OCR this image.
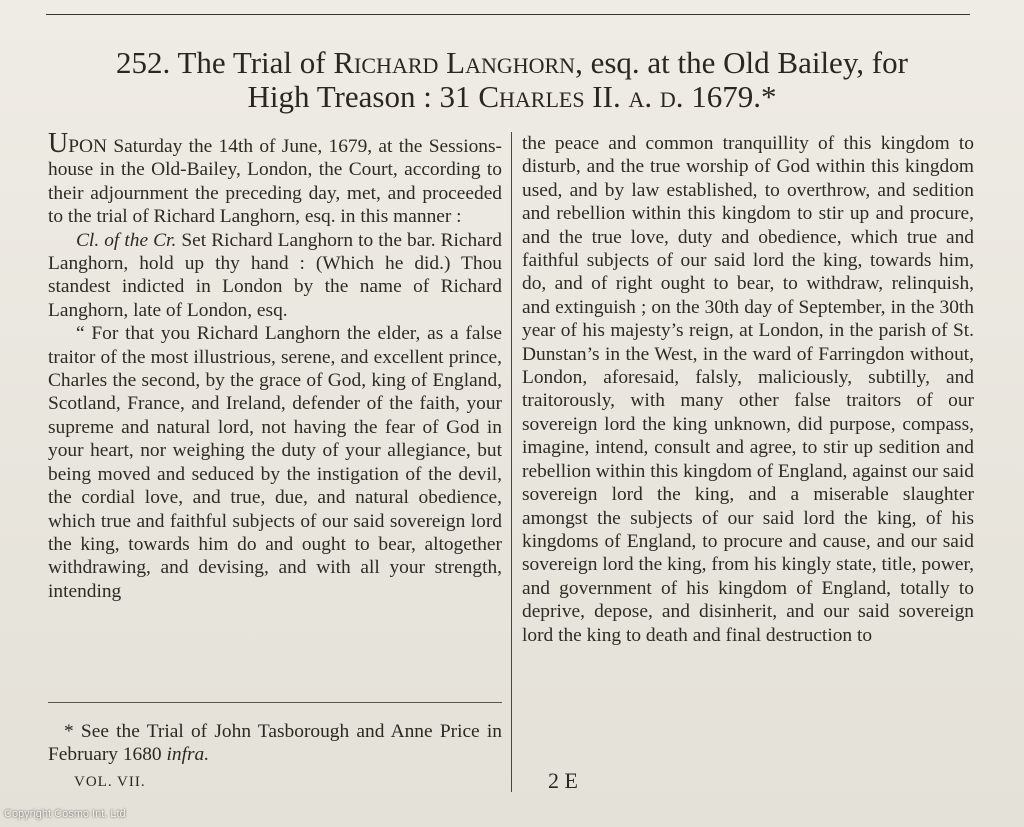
252. The Trial of Richard Langhorn, esq. at the Old Bailey, for
High Treason : 31 Charles II. a. d. 1679.*

UPON Saturday the 14th of June, 1679, at the Sessions-house in the Old-Bailey, London, the Court, according to their adjournment the preceding day, met, and proceeded to the trial of Richard Langhorn, esq. in this manner :

Cl. of the Cr. Set Richard Langhorn to the bar. Richard Langhorn, hold up thy hand : (Which he did.) Thou standest indicted in London by the name of Richard Langhorn, late of London, esq.

“ For that you Richard Langhorn the elder, as a false traitor of the most illustrious, serene, and excellent prince, Charles the second, by the grace of God, king of England, Scotland, France, and Ireland, defender of the faith, your supreme and natural lord, not having the fear of God in your heart, nor weighing the duty of your allegiance, but being moved and seduced by the instigation of the devil, the cordial love, and true, due, and natural obedience, which true and faithful subjects of our said sovereign lord the king, towards him do and ought to bear, altogether withdrawing, and devising, and with all your strength, intending

the peace and common tranquillity of this kingdom to disturb, and the true worship of God within this kingdom used, and by law established, to overthrow, and sedition and rebellion within this kingdom to stir up and procure, and the true love, duty and obedience, which true and faithful subjects of our said lord the king, towards him, do, and of right ought to bear, to withdraw, relinquish, and extinguish ; on the 30th day of September, in the 30th year of his majesty’s reign, at London, in the parish of St. Dunstan’s in the West, in the ward of Farringdon without, London, aforesaid, falsly, maliciously, subtilly, and traitorously, with many other false traitors of our sovereign lord the king unknown, did purpose, compass, imagine, intend, consult and agree, to stir up sedition and rebellion within this kingdom of England, against our said sovereign lord the king, and a miserable slaughter amongst the subjects of our said lord the king, of his kingdoms of England, to procure and cause, and our said sovereign lord the king, from his kingly state, title, power, and government of his kingdom of England, totally to deprive, depose, and disinherit, and our said sovereign lord the king to death and final destruction to

* See the Trial of John Tasborough and Anne Price in February 1680 infra.
VOL. VII.	2 E
Copyright Cosmo Int. Ltd
